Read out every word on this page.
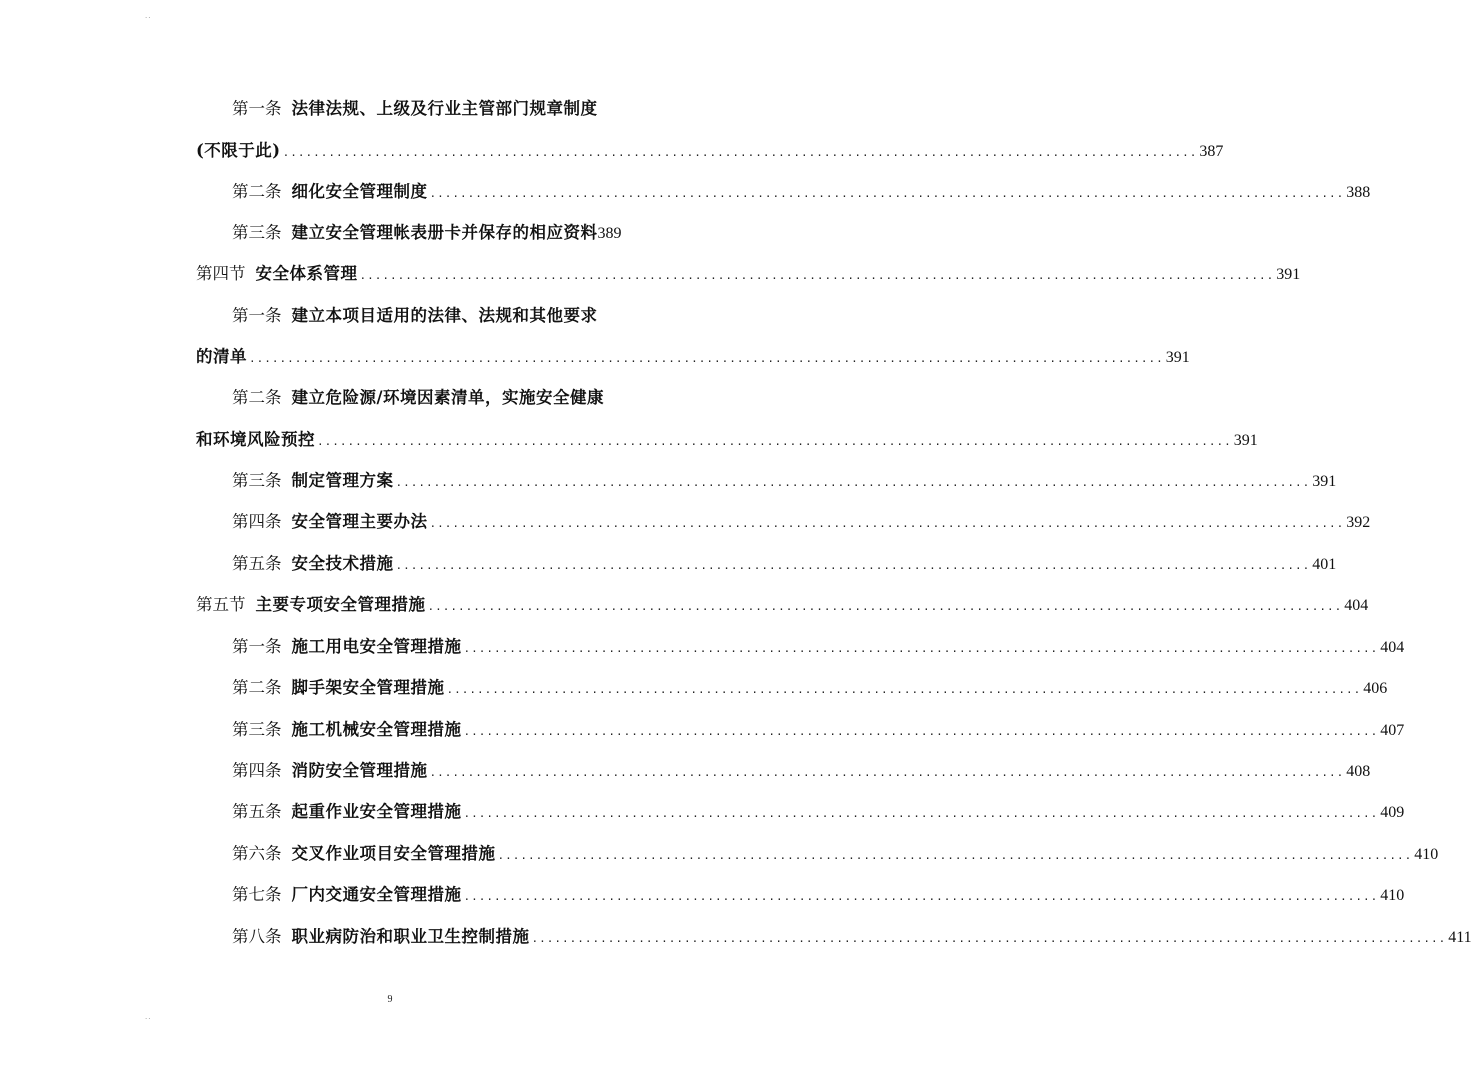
..
第一条 法律法规、上级及行业主管部门规章制度
(不限于此) ........................................................................................................................ 387
第二条 细化安全管理制度 ........................................................................................................................ 388
第三条 建立安全管理帐表册卡并保存的相应资料 389
第四节 安全体系管理 ........................................................................................................................ 391
第一条 建立本项目适用的法律、法规和其他要求
的清单 ........................................................................................................................ 391
第二条 建立危险源/环境因素清单，实施安全健康
和环境风险预控 ........................................................................................................................ 391
第三条 制定管理方案 ........................................................................................................................ 391
第四条 安全管理主要办法 ........................................................................................................................ 392
第五条 安全技术措施 ........................................................................................................................ 401
第五节 主要专项安全管理措施 ........................................................................................................................ 404
第一条 施工用电安全管理措施 ........................................................................................................................ 404
第二条 脚手架安全管理措施 ........................................................................................................................ 406
第三条 施工机械安全管理措施 ........................................................................................................................ 407
第四条 消防安全管理措施 ........................................................................................................................ 408
第五条 起重作业安全管理措施 ........................................................................................................................ 409
第六条 交叉作业项目安全管理措施 ........................................................................................................................ 410
第七条 厂内交通安全管理措施 ........................................................................................................................ 410
第八条 职业病防治和职业卫生控制措施 ........................................................................................................................ 411
9
..
